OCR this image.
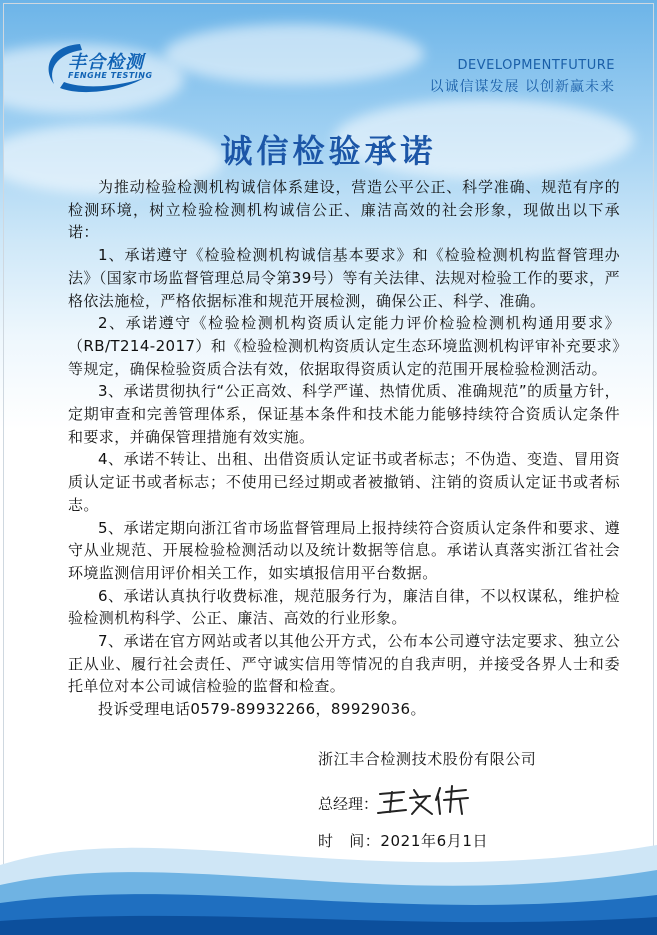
丰合检测
FENGHE TESTING
DEVELOPMENTFUTURE
以诚信谋发展 以创新赢未来
诚信检验承诺

为推动检验检测机构诚信体系建设，营造公平公正、科学准确、规范有序的检测环境，树立检验检测机构诚信公正、廉洁高效的社会形象，现做出以下承诺：

1、承诺遵守《检验检测机构诚信基本要求》和《检验检测机构监督管理办法》（国家市场监督管理总局令第39号）等有关法律、法规对检验工作的要求，严格依法施检，严格依据标准和规范开展检测，确保公正、科学、准确。

2、承诺遵守《检验检测机构资质认定能力评价检验检测机构通用要求》（RB/T214-2017）和《检验检测机构资质认定生态环境监测机构评审补充要求》等规定，确保检验资质合法有效，依据取得资质认定的范围开展检验检测活动。

3、承诺贯彻执行“公正高效、科学严谨、热情优质、准确规范”的质量方针，定期审查和完善管理体系，保证基本条件和技术能力能够持续符合资质认定条件和要求，并确保管理措施有效实施。

4、承诺不转让、出租、出借资质认定证书或者标志；不伪造、变造、冒用资质认定证书或者标志；不使用已经过期或者被撤销、注销的资质认定证书或者标志。

5、承诺定期向浙江省市场监督管理局上报持续符合资质认定条件和要求、遵守从业规范、开展检验检测活动以及统计数据等信息。承诺认真落实浙江省社会环境监测信用评价相关工作，如实填报信用平台数据。

6、承诺认真执行收费标准，规范服务行为，廉洁自律，不以权谋私，维护检验检测机构科学、公正、廉洁、高效的行业形象。

7、承诺在官方网站或者以其他公开方式，公布本公司遵守法定要求、独立公正从业、履行社会责任、严守诚实信用等情况的自我声明，并接受各界人士和委托单位对本公司诚信检验的监督和检查。

投诉受理电话0579-89932266，89929036。

浙江丰合检测技术股份有限公司
总经理：
时　间：2021年6月1日
